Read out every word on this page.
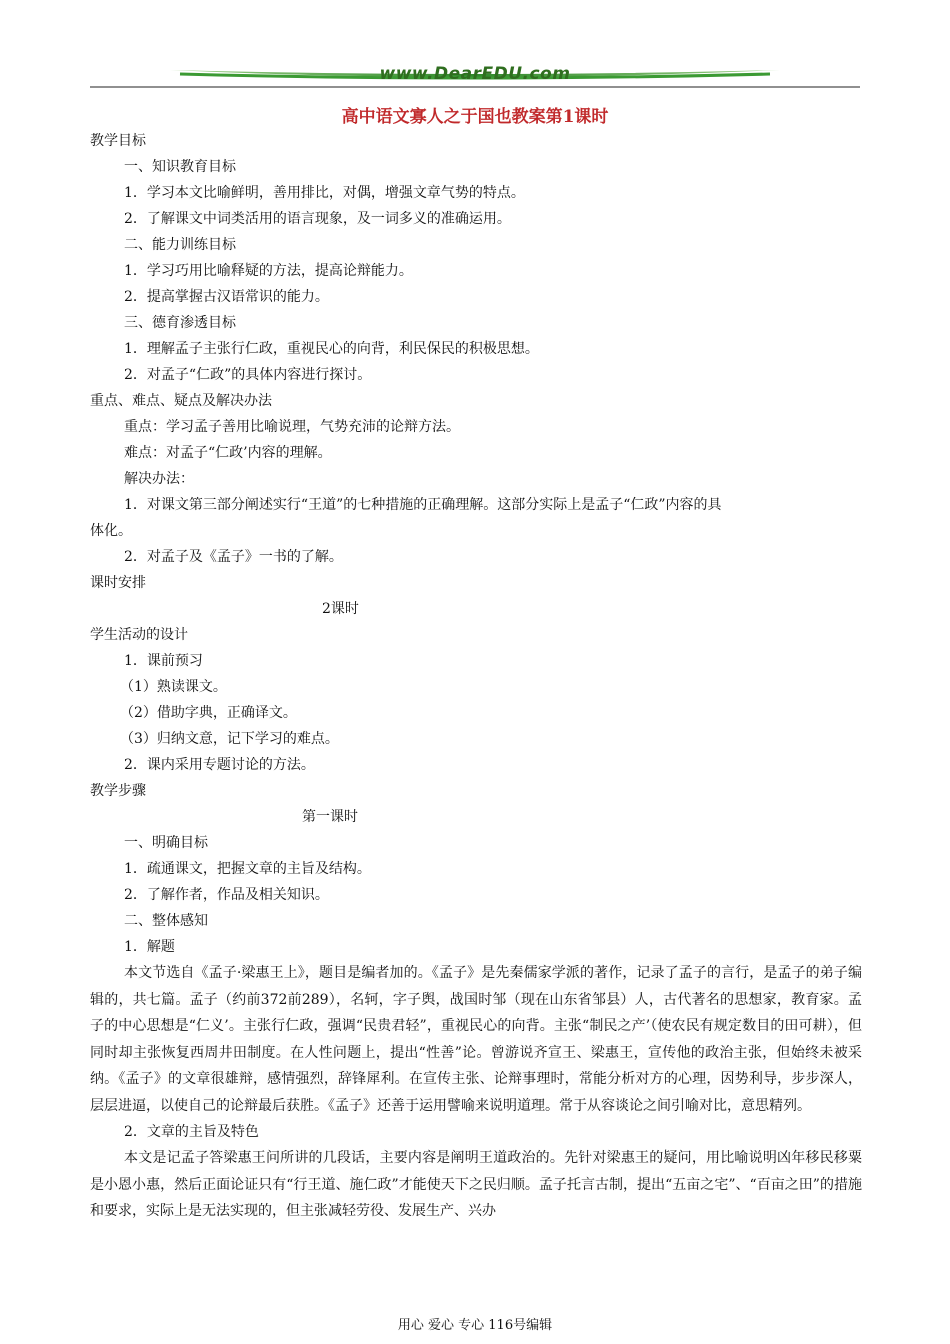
www.DearEDU.com
高中语文寡人之于国也教案第1课时
教学目标
一、知识教育目标
1．学习本文比喻鲜明，善用排比，对偶，增强文章气势的特点。
2．了解课文中词类活用的语言现象，及一词多义的准确运用。
二、能力训练目标
1．学习巧用比喻释疑的方法，提高论辩能力。
2．提高掌握古汉语常识的能力。
三、德育渗透目标
1．理解孟子主张行仁政，重视民心的向背，利民保民的积极思想。
2．对孟子“仁政”的具体内容进行探讨。
重点、难点、疑点及解决办法
重点：学习孟子善用比喻说理，气势充沛的论辩方法。
难点：对孟子“仁政’内容的理解。
解决办法：
1．对课文第三部分阐述实行“王道”的七种措施的正确理解。这部分实际上是孟子“仁政”内容的具
体化。
2．对孟子及《孟子》一书的了解。
课时安排
2课时
学生活动的设计
1．课前预习
（1）熟读课文。
（2）借助字典，正确译文。
（3）归纳文意，记下学习的难点。
2．课内采用专题讨论的方法。
教学步骤
第一课时
一、明确目标
1．疏通课文，把握文章的主旨及结构。
2．了解作者，作品及相关知识。
二、整体感知
1．解题

本文节选自《孟子·梁惠王上》，题目是编者加的。《孟子》是先秦儒家学派的著作，记录了孟子的言行，是孟子的弟子编辑的，共七篇。孟子（约前372前289），名轲，字子舆，战国时邹（现在山东省邹县）人，古代著名的思想家，教育家。孟子的中心思想是“仁义’。主张行仁政，强调“民贵君轻”，重视民心的向背。主张“制民之产’（使农民有规定数目的田可耕），但同时却主张恢复西周井田制度。在人性问题上，提出“性善”论。曾游说齐宣王、梁惠王，宣传他的政治主张，但始终未被采纳。《孟子》的文章很雄辩，感情强烈，辞锋犀利。在宣传主张、论辩事理时，常能分析对方的心理，因势利导，步步深人，层层进逼，以使自己的论辩最后获胜。《孟子》还善于运用譬喻来说明道理。常于从容谈论之间引喻对比，意思精列。

2．文章的主旨及特色

本文是记孟子答梁惠王问所讲的几段话，主要内容是阐明王道政治的。先针对梁惠王的疑问，用比喻说明凶年移民移粟是小恩小惠，然后正面论证只有“行王道、施仁政”才能使天下之民归顺。孟子托言古制，提出“五亩之宅”、“百亩之田”的措施和要求，实际上是无法实现的，但主张减轻劳役、发展生产、兴办

用心 爱心 专心 116号编辑
